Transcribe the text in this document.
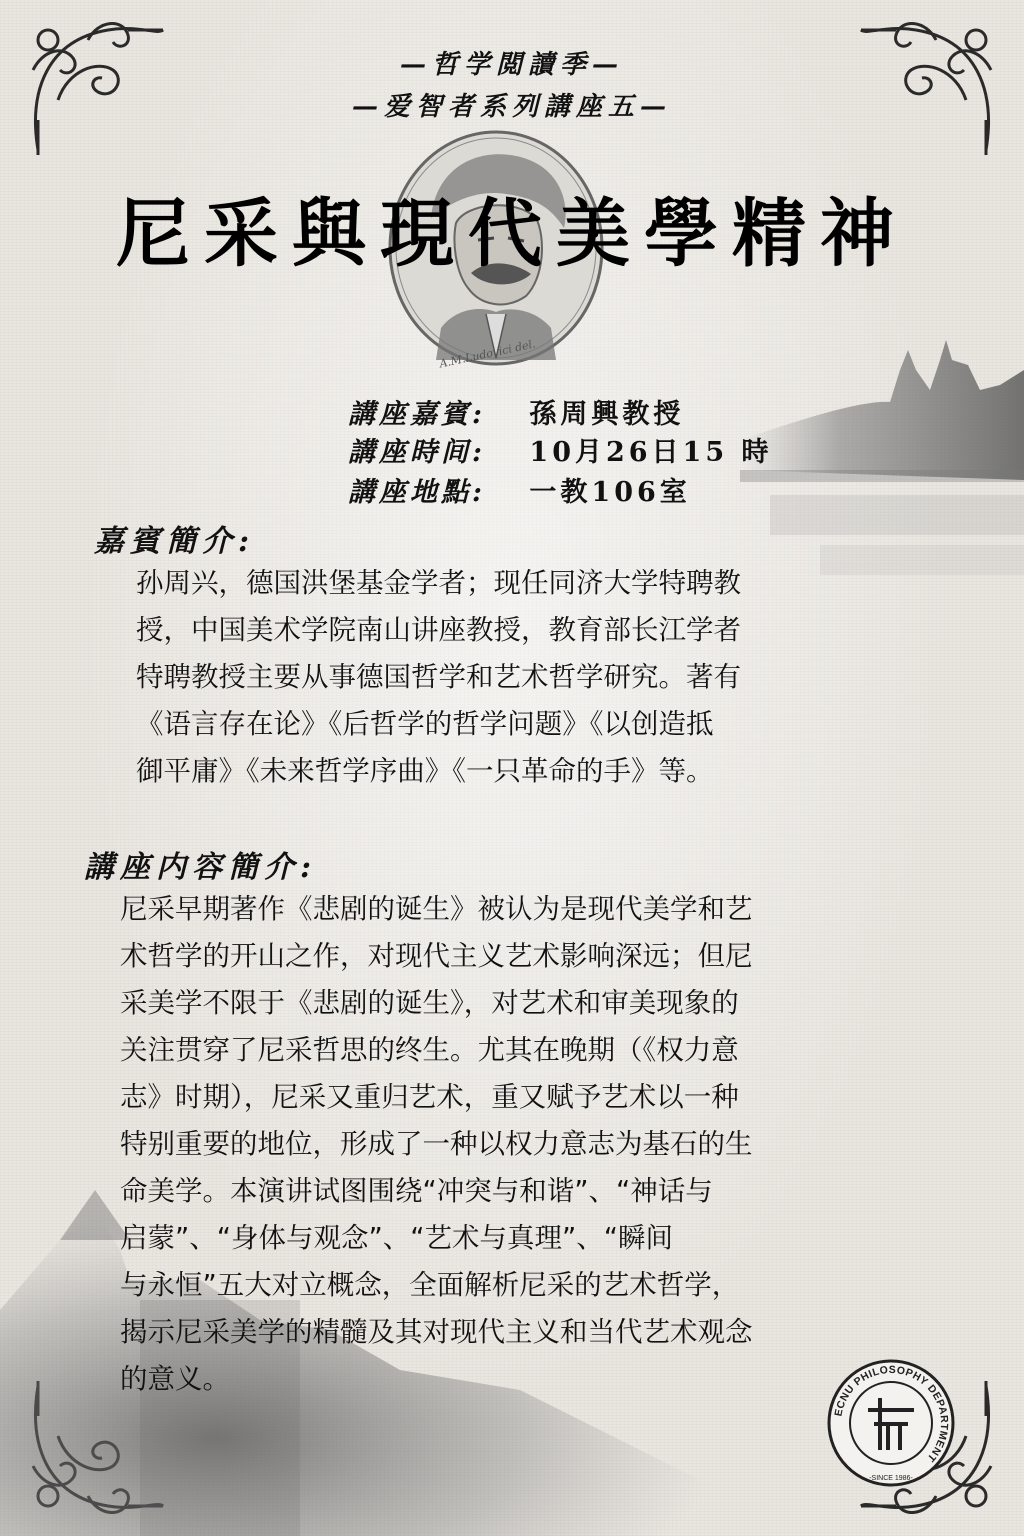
—哲学閲讀季—
—爱智者系列講座五—
A.M.Ludovici del.
尼采與現代美學精神
講座嘉賓: 孫周興教授
講座時间: 10月26日15 時
講座地點: 一教106室
嘉賓簡介:
孙周兴，德国洪堡基金学者；现任同济大学特聘教
授，中国美术学院南山讲座教授，教育部长江学者
特聘教授主要从事德国哲学和艺术哲学研究。著有
《语言存在论》《后哲学的哲学问题》《以创造抵
御平庸》《未来哲学序曲》《一只革命的手》等。
講座内容簡介:
尼采早期著作《悲剧的诞生》被认为是现代美学和艺
术哲学的开山之作，对现代主义艺术影响深远；但尼
采美学不限于《悲剧的诞生》，对艺术和审美现象的
关注贯穿了尼采哲思的终生。尤其在晚期（《权力意
志》时期），尼采又重归艺术，重又赋予艺术以一种
特别重要的地位，形成了一种以权力意志为基石的生
命美学。本演讲试图围绕“冲突与和谐”、“神话与
启蒙”、“身体与观念”、“艺术与真理”、“瞬间
与永恒”五大对立概念，全面解析尼采的艺术哲学，
揭示尼采美学的精髓及其对现代主义和当代艺术观念
的意义。
ECNU PHILOSOPHY DEPARTMENT
-SINCE 1986-
